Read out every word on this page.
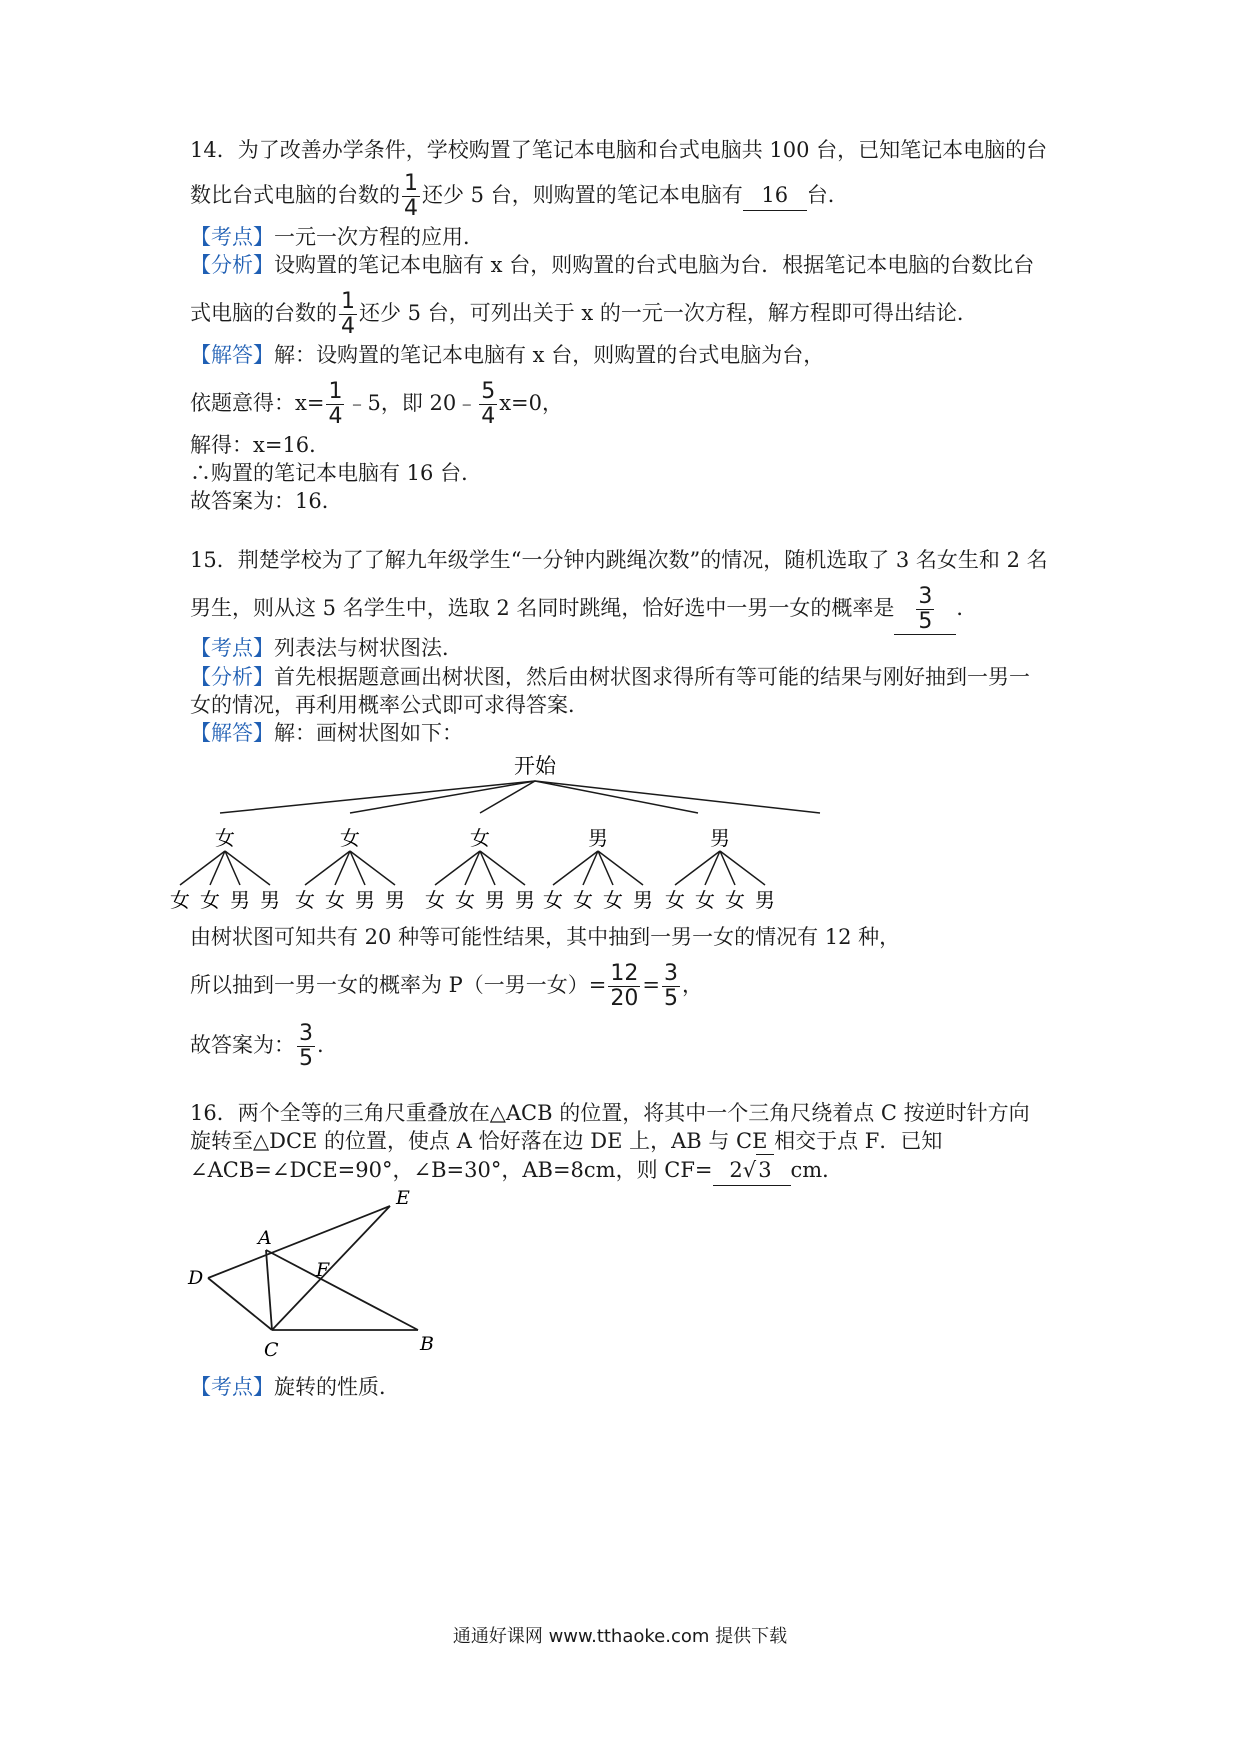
14．为了改善办学条件，学校购置了笔记本电脑和台式电脑共 100 台，已知笔记本电脑的台
数比台式电脑的台数的 $\frac{1}{4}$ 还少 5 台，则购置的笔记本电脑有 16 台．
【考点】一元一次方程的应用．
【分析】设购置的笔记本电脑有 x 台，则购置的台式电脑为台．根据笔记本电脑的台数比台
式电脑的台数的 $\frac{1}{4}$ 还少 5 台，可列出关于 x 的一元一次方程，解方程即可得出结论．
【解答】解：设购置的笔记本电脑有 x 台，则购置的台式电脑为台，
依题意得：$x= \frac{1}{4}$ ﹣5，即 20﹣ $\frac{5}{4} x=0$，
解得：x=16．
∴购置的笔记本电脑有 16 台．
故答案为：16．
15．荆楚学校为了了解九年级学生“一分钟内跳绳次数”的情况，随机选取了 3 名女生和 2 名
男生，则从这 5 名学生中，选取 2 名同时跳绳，恰好选中一男一女的概率是 $\frac{3}{5}$ ．
【考点】列表法与树状图法．
【分析】首先根据题意画出树状图，然后由树状图求得所有等可能的结果与刚好抽到一男一
女的情况，再利用概率公式即可求得答案．
【解答】解：画树状图如下：
开始
女
女 女 男 男
女
女 女 男 男
女
女 女 男 男
男
女 女 女 男
男
女 女 女 男
由树状图可知共有 20 种等可能性结果，其中抽到一男一女的情况有 12 种，
所以抽到一男一女的概率为 P（一男一女）= $\frac{12}{20} = \frac{3}{5}$ ，
故答案为： $\frac{3}{5}$ .
16．两个全等的三角尺重叠放在△ACB 的位置，将其中一个三角尺绕着点 C 按逆时针方向
旋转至△DCE 的位置，使点 A 恰好落在边 DE 上，AB 与 CE 相交于点 F．已知
∠ACB=∠DCE=90°，∠B=30°，AB=8cm，则 CF= 2√ 3 cm．
E
A
D	F
C	B
【考点】旋转的性质．
通通好课网 www.tthaoke.com 提供下载
